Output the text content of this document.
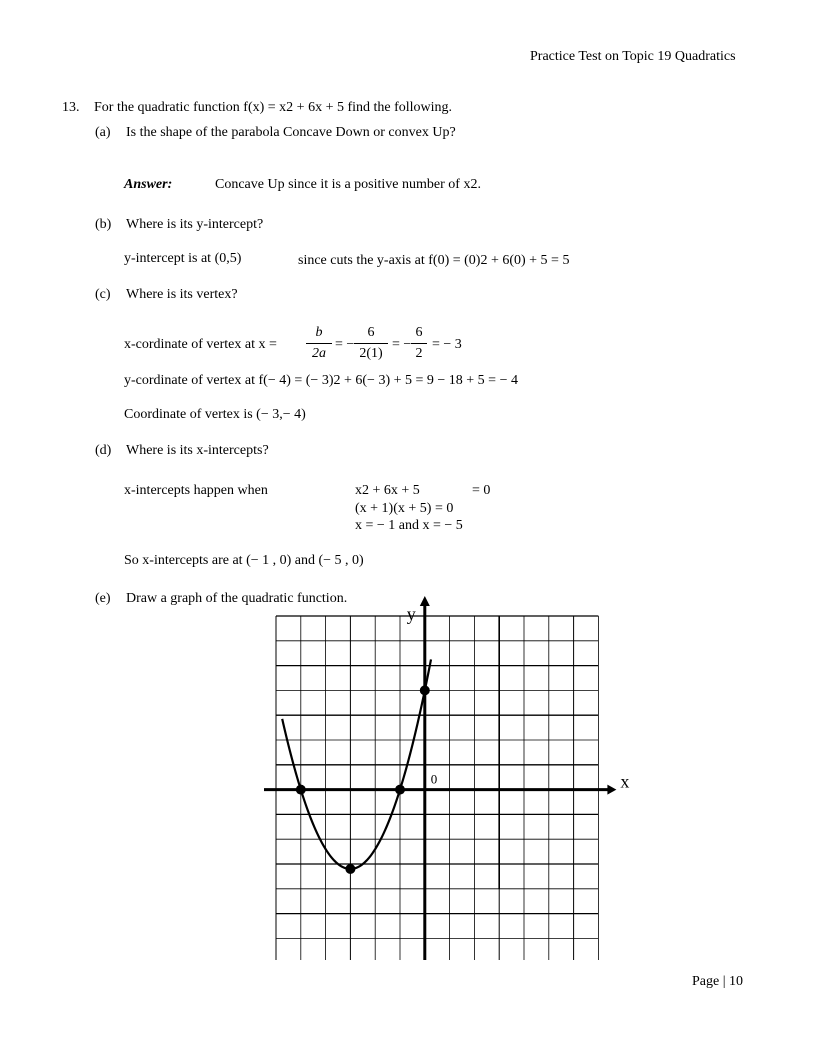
Practice Test on Topic 19 Quadratics
13. For the quadratic function f(x) = x2 + 6x + 5 find the following.
(a) Is the shape of the parabola Concave Down or convex Up?
Answer:	Concave Up since it is a positive number of x2.
(b) Where is its y-intercept?
y-intercept is at (0,5)	since cuts the y-axis at f(0) = (0)2 + 6(0) + 5 = 5
(c) Where is its vertex?
x-cordinate of vertex at x =
b
2a
= −
6
2(1)
= −
6
2
= − 3
y-cordinate of vertex at f(− 4) = (− 3)2 + 6(− 3) + 5 = 9 − 18 + 5 = − 4
Coordinate of vertex is (− 3,− 4)
(d) Where is its x-intercepts?
x-intercepts happen when	x2 + 6x + 5	= 0
(x + 1)(x + 5) = 0
x = − 1 and x = − 5
So x-intercepts are at (− 1 , 0) and (− 5 , 0)
(e) Draw a graph of the quadratic function.
y
x
0
Page | 10
